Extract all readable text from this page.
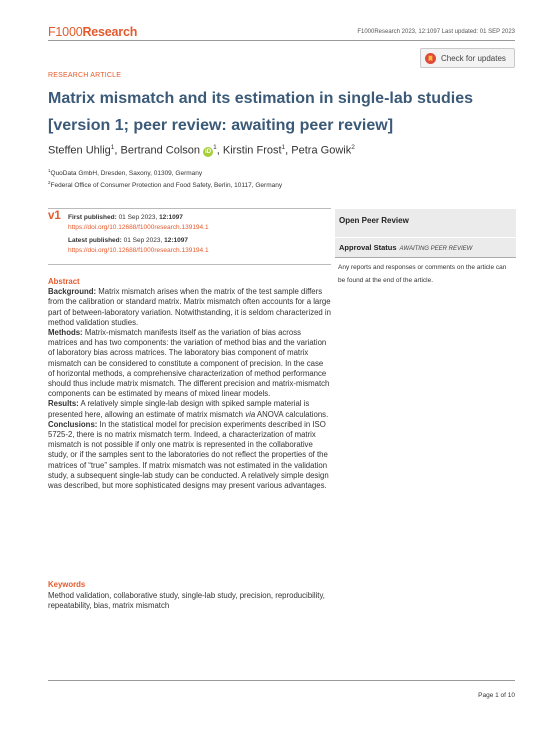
F1000Research	F1000Research 2023, 12:1097 Last updated: 01 SEP 2023
Check for updates
RESEARCH ARTICLE
Matrix mismatch and its estimation in single-lab studies
[version 1; peer review: awaiting peer review]
Steffen Uhlig$^1$, Bertrand Colson $iD^1$, Kirstin Frost$^1$, Petra Gowik$^2$
$^1$QuoData GmbH, Dresden, Saxony, 01309, Germany
$^2$Federal Office of Consumer Protection and Food Safety, Berlin, 10117, Germany
v1 First published: 01 Sep 2023, 12:1097
https://doi.org/10.12688/f1000research.139194.1
Latest published: 01 Sep 2023, 12:1097
https://doi.org/10.12688/f1000research.139194.1
Open Peer Review
Approval Status AWAITING PEER REVIEW
Any reports and responses or comments on the article can be found at the end of the article.
Abstract

Background: Matrix mismatch arises when the matrix of the test sample differs from the calibration or standard matrix. Matrix mismatch often accounts for a large part of between-laboratory variation. Notwithstanding, it is seldom characterized in method validation studies.

Methods: Matrix-mismatch manifests itself as the variation of bias across matrices and has two components: the variation of method bias and the variation of laboratory bias across matrices. The laboratory bias component of matrix mismatch can be considered to constitute a component of precision. In the case of horizontal methods, a comprehensive characterization of method performance should thus include matrix mismatch. The different precision and matrix-mismatch components can be estimated by means of mixed linear models.

Results: A relatively simple single-lab design with spiked sample material is presented here, allowing an estimate of matrix mismatch via ANOVA calculations.

Conclusions: In the statistical model for precision experiments described in ISO 5725-2, there is no matrix mismatch term. Indeed, a characterization of matrix mismatch is not possible if only one matrix is represented in the collaborative study, or if the samples sent to the laboratories do not reflect the properties of the matrices of “true” samples. If matrix mismatch was not estimated in the validation study, a subsequent single-lab study can be conducted. A relatively simple design was described, but more sophisticated designs may present various advantages.

Keywords
Method validation, collaborative study, single-lab study, precision, reproducibility, repeatability, bias, matrix mismatch
Page 1 of 10
